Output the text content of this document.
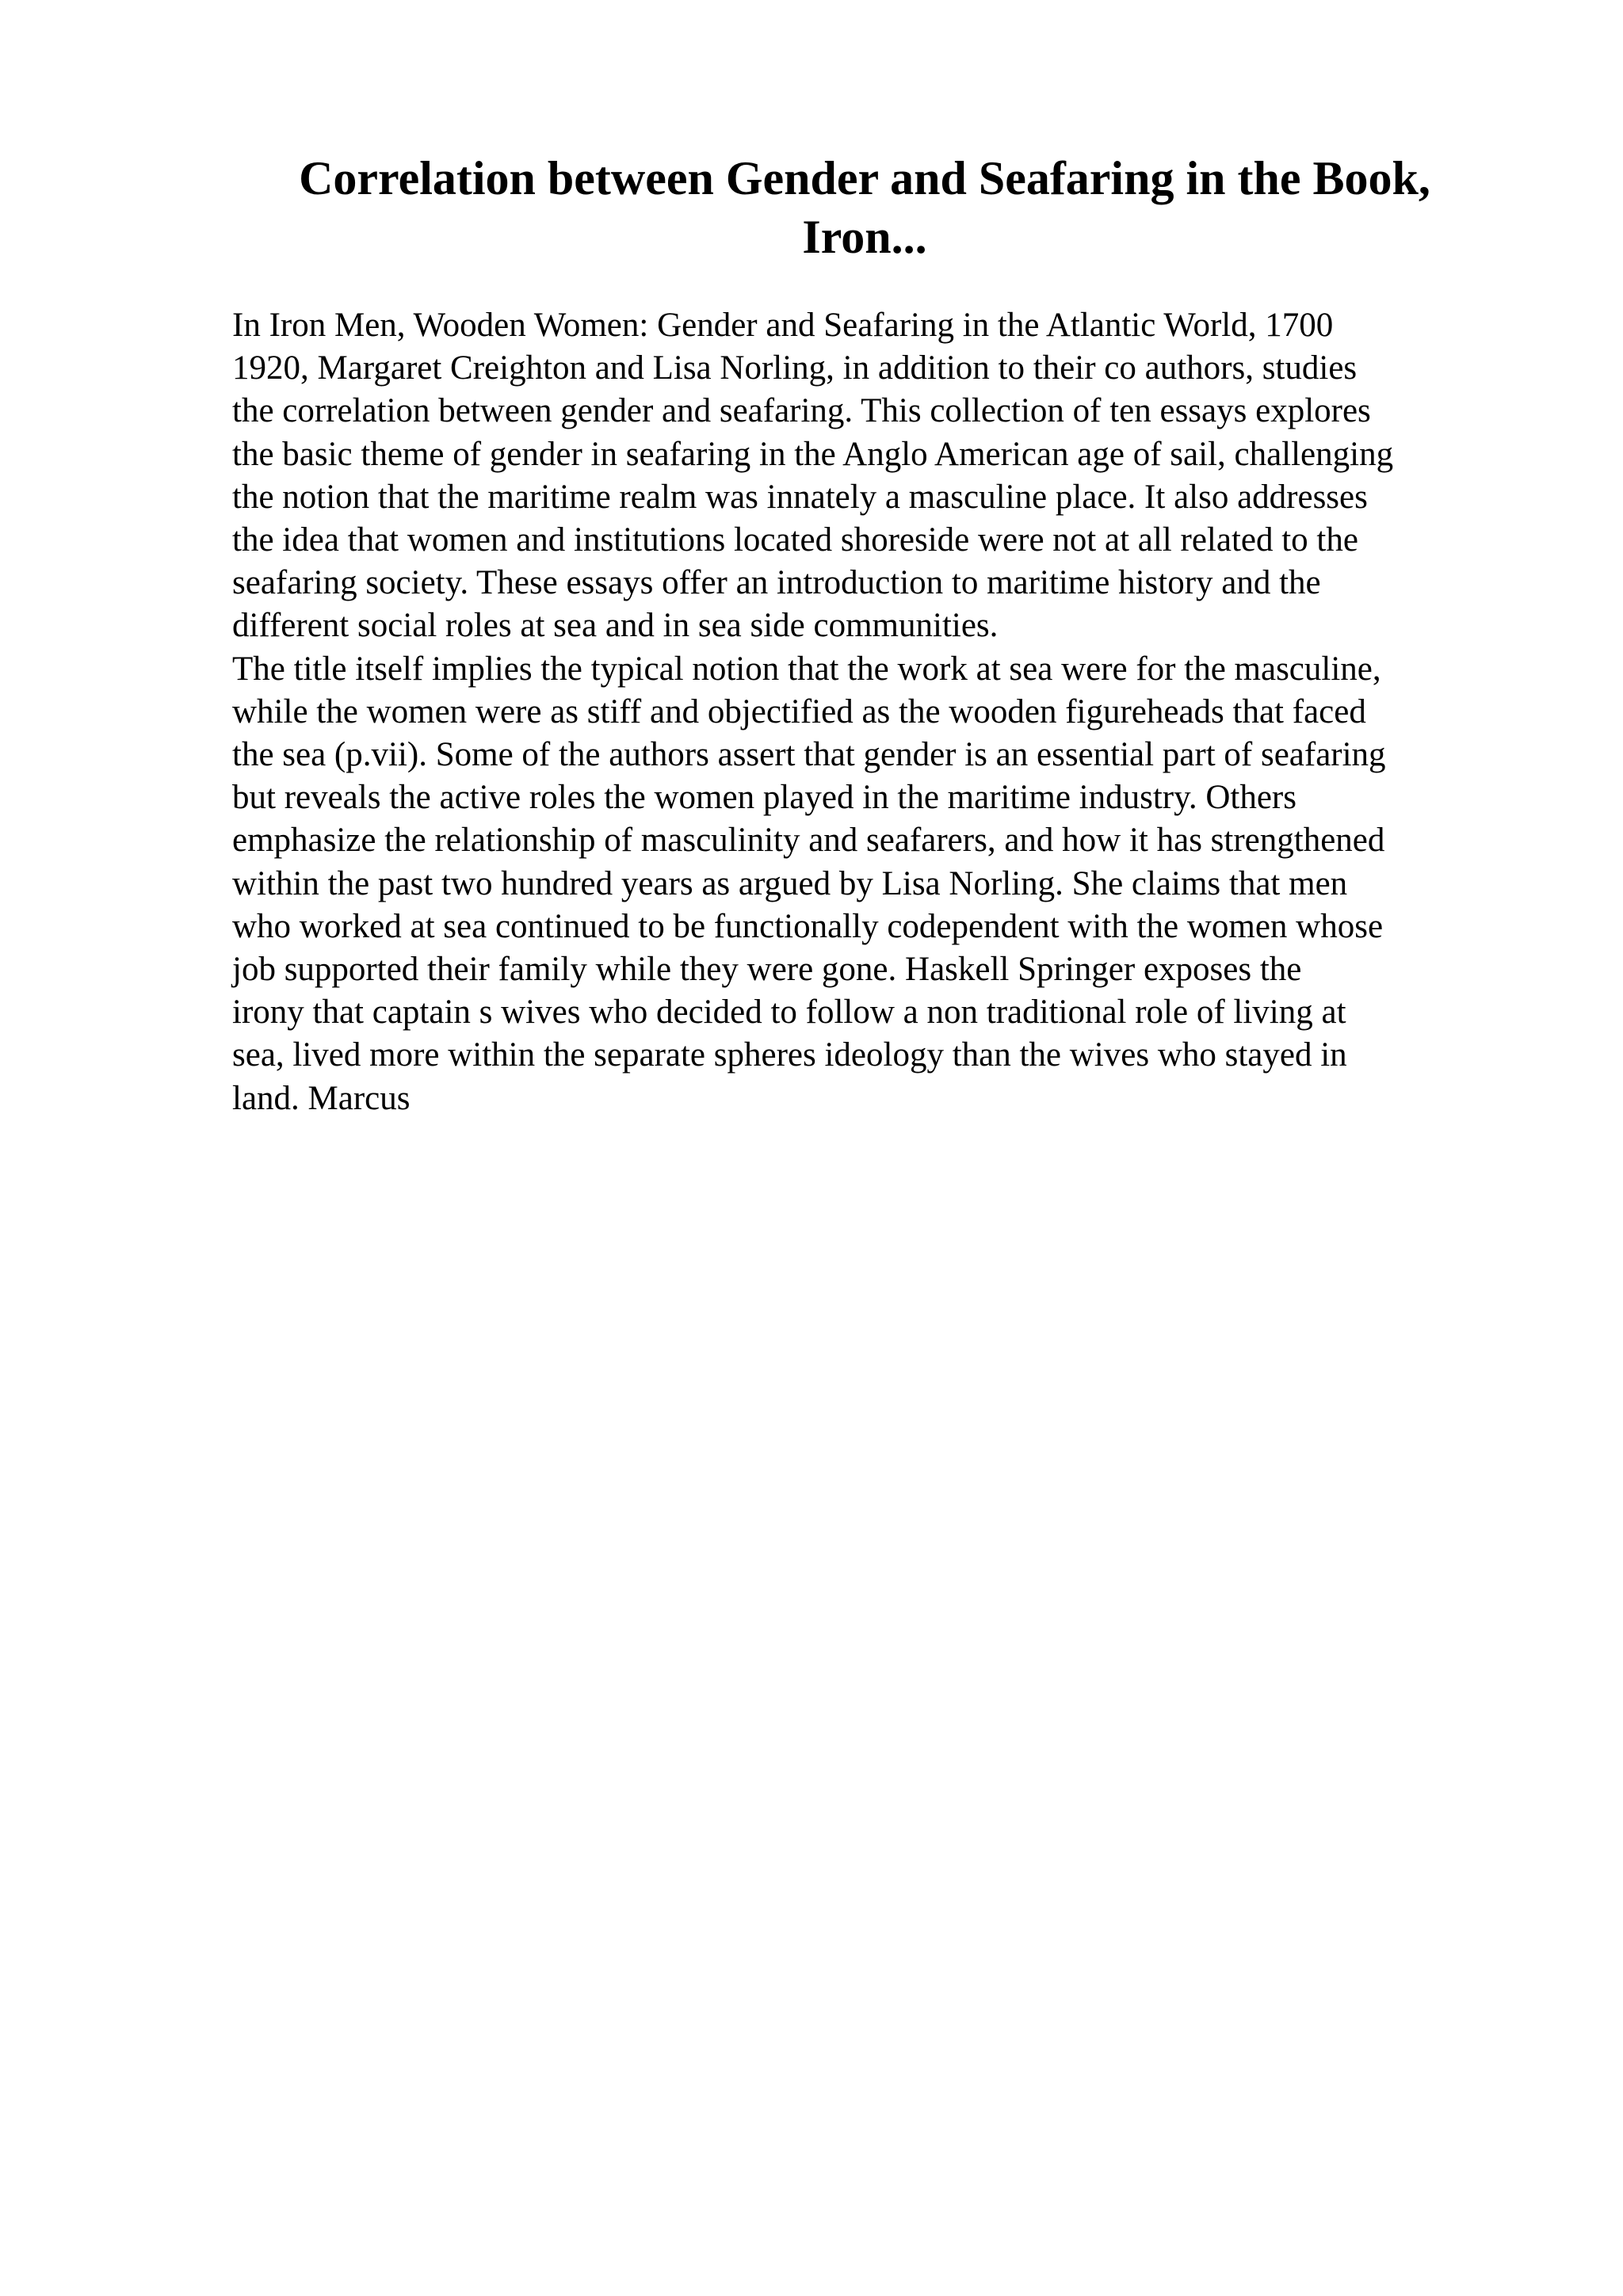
Correlation between Gender and Seafaring in the Book,
Iron...
In Iron Men, Wooden Women: Gender and Seafaring in the Atlantic World, 1700
1920, Margaret Creighton and Lisa Norling, in addition to their co authors, studies
the correlation between gender and seafaring. This collection of ten essays explores
the basic theme of gender in seafaring in the Anglo American age of sail, challenging
the notion that the maritime realm was innately a masculine place. It also addresses
the idea that women and institutions located shoreside were not at all related to the
seafaring society. These essays offer an introduction to maritime history and the
different social roles at sea and in sea side communities.
The title itself implies the typical notion that the work at sea were for the masculine,
while the women were as stiff and objectified as the wooden figureheads that faced
the sea (p.vii). Some of the authors assert that gender is an essential part of seafaring
but reveals the active roles the women played in the maritime industry. Others
emphasize the relationship of masculinity and seafarers, and how it has strengthened
within the past two hundred years as argued by Lisa Norling. She claims that men
who worked at sea continued to be functionally codependent with the women whose
job supported their family while they were gone. Haskell Springer exposes the
irony that captain s wives who decided to follow a non traditional role of living at
sea, lived more within the separate spheres ideology than the wives who stayed in
land. Marcus
